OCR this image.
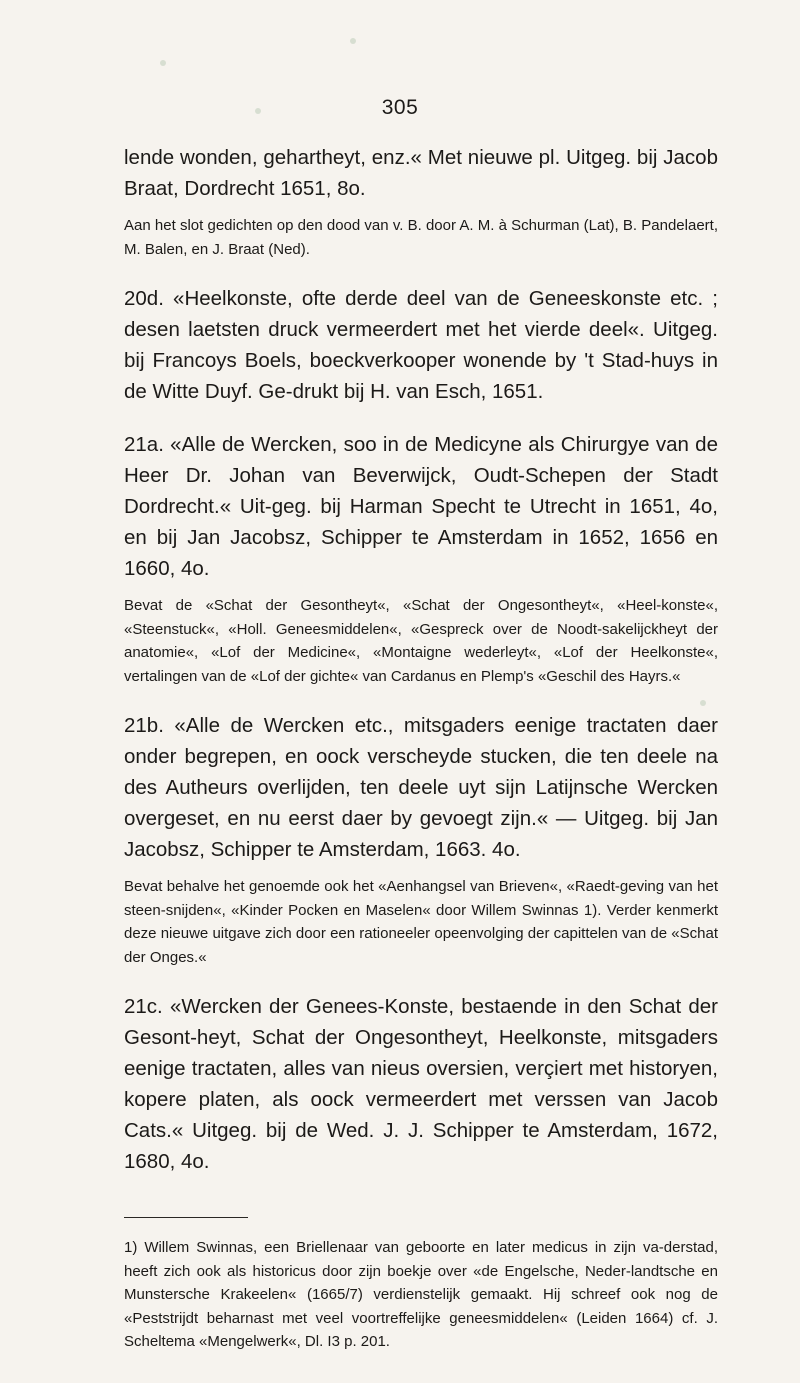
305

lende wonden, gehartheyt, enz.« Met nieuwe pl. Uitgeg. bij Jacob Braat, Dordrecht 1651, 8o.

Aan het slot gedichten op den dood van v. B. door A. M. à Schurman (Lat), B. Pandelaert, M. Balen, en J. Braat (Ned).

20d. «Heelkonste, ofte derde deel van de Geneeskonste etc. ; desen laetsten druck vermeerdert met het vierde deel«. Uitgeg. bij Francoys Boels, boeckverkooper wonende by 't Stad-huys in de Witte Duyf. Ge-drukt bij H. van Esch, 1651.

21a. «Alle de Wercken, soo in de Medicyne als Chirurgye van de Heer Dr. Johan van Beverwijck, Oudt-Schepen der Stadt Dordrecht.« Uit-geg. bij Harman Specht te Utrecht in 1651, 4o, en bij Jan Jacobsz, Schipper te Amsterdam in 1652, 1656 en 1660, 4o.

Bevat de «Schat der Gesontheyt«, «Schat der Ongesontheyt«, «Heel-konste«, «Steenstuck«, «Holl. Geneesmiddelen«, «Gespreck over de Noodt-sakelijckheyt der anatomie«, «Lof der Medicine«, «Montaigne wederleyt«, «Lof der Heelkonste«, vertalingen van de «Lof der gichte« van Cardanus en Plemp's «Geschil des Hayrs.«

21b. «Alle de Wercken etc., mitsgaders eenige tractaten daer onder begrepen, en oock verscheyde stucken, die ten deele na des Autheurs overlijden, ten deele uyt sijn Latijnsche Wercken overgeset, en nu eerst daer by gevoegt zijn.« — Uitgeg. bij Jan Jacobsz, Schipper te Amsterdam, 1663. 4o.

Bevat behalve het genoemde ook het «Aenhangsel van Brieven«, «Raedt-geving van het steen-snijden«, «Kinder Pocken en Maselen« door Willem Swinnas 1). Verder kenmerkt deze nieuwe uitgave zich door een rationeeler opeenvolging der capittelen van de «Schat der Onges.«

21c. «Wercken der Genees-Konste, bestaende in den Schat der Gesont-heyt, Schat der Ongesontheyt, Heelkonste, mitsgaders eenige tractaten, alles van nieus oversien, verçiert met historyen, kopere platen, als oock vermeerdert met verssen van Jacob Cats.« Uitgeg. bij de Wed. J. J. Schipper te Amsterdam, 1672, 1680, 4o.

1) Willem Swinnas, een Briellenaar van geboorte en later medicus in zijn va-derstad, heeft zich ook als historicus door zijn boekje over «de Engelsche, Neder-landtsche en Munstersche Krakeelen« (1665/7) verdienstelijk gemaakt. Hij schreef ook nog de «Peststrijdt beharnast met veel voortreffelijke geneesmiddelen« (Leiden 1664) cf. J. Scheltema «Mengelwerk«, Dl. I3 p. 201.
